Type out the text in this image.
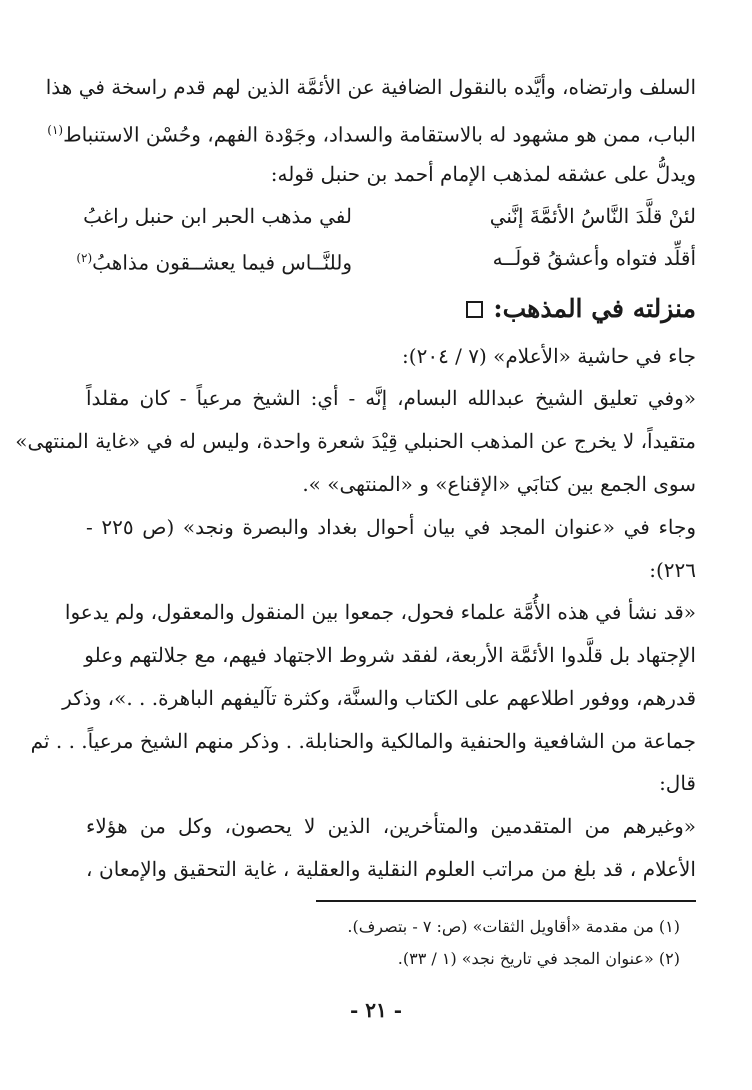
السلف وارتضاه، وأيَّده بالنقول الضافية عن الأئمَّة الذين لهم قدم راسخة في هذا
الباب، ممن هو مشهود له بالاستقامة والسداد، وجَوْدة الفهم، وحُسْن الاستنباط$^{(١)}$
ويدلُّ على عشقه لمذهب الإمام أحمد بن حنبل قوله:
لئنْ قلَّدَ النَّاسُ الأئمَّةَ إنَّني
لفي مذهب الحبر ابن حنبل راغبُ
أقلِّد فتواه وأعشقُ قولَــه
وللنَّــاس فيما يعشــقون مذاهبُ$^{(٢)}$
منزلته في المذهب:
جاء في حاشية «الأعلام» (٧ / ٢٠٤):
«وفي تعليق الشيخ عبدالله البسام، إنَّه - أي: الشيخ مرعياً - كان مقلداً
متقيداً، لا يخرج عن المذهب الحنبلي قِيْدَ شعرة واحدة، وليس له في «غاية المنتهى»
سوى الجمع بين كتابَي «الإقناع» و «المنتهى» ».
وجاء في «عنوان المجد في بيان أحوال بغداد والبصرة ونجد» (ص ٢٢٥ -
٢٢٦):
«قد نشأ في هذه الأُمَّة علماء فحول، جمعوا بين المنقول والمعقول، ولم يدعوا
الإجتهاد بل قلَّدوا الأئمَّة الأربعة، لفقد شروط الاجتهاد فيهم، مع جلالتهم وعلو
قدرهم، ووفور اطلاعهم على الكتاب والسنَّة، وكثرة تآليفهم الباهرة. . .»، وذكر
جماعة من الشافعية والحنفية والمالكية والحنابلة. . وذكر منهم الشيخ مرعياً. . . ثم
قال:
«وغيرهم من المتقدمين والمتأخرين، الذين لا يحصون، وكل من هؤلاء
الأعلام ، قد بلغ من مراتب العلوم النقلية والعقلية ، غاية التحقيق والإمعان ،
(١) من مقدمة «أقاويل الثقات» (ص: ٧ - بتصرف).
(٢) «عنوان المجد في تاريخ نجد» (١ / ٣٣).
- ٢١ -
